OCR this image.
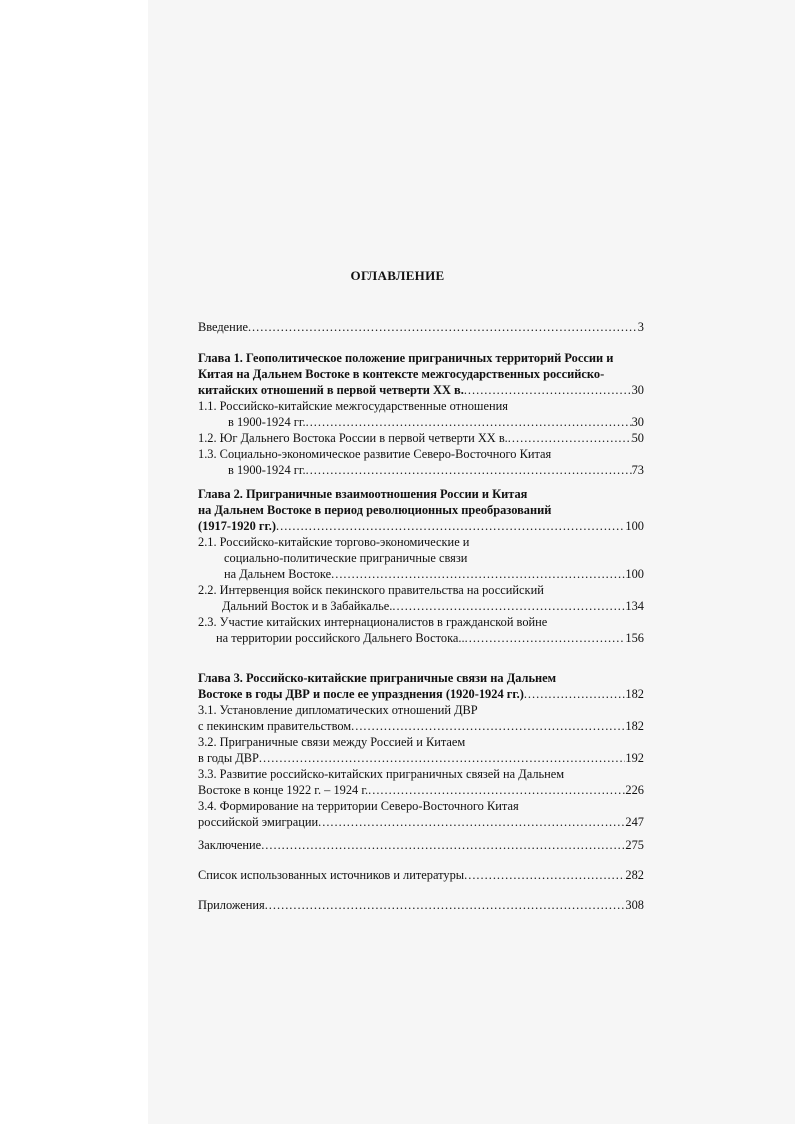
ОГЛАВЛЕНИЕ
Введение .....	3
Глава 1. Геополитическое положение приграничных территорий России и
Китая на Дальнем Востоке в контексте межгосударственных российско-
китайских отношений в первой четверти XX в. .....	30
1.1. Российско-китайские межгосударственные отношения
в 1900-1924 гг. .....	30
1.2. Юг Дальнего Востока России в первой четверти XX в. .....	50
1.3. Социально-экономическое развитие Северо-Восточного Китая
в 1900-1924 гг. .....	73
Глава 2. Приграничные взаимоотношения России и Китая
на Дальнем Востоке в период революционных преобразований
(1917-1920 гг.) .....	100
2.1. Российско-китайские торгово-экономические и
социально-политические приграничные связи
на Дальнем Востоке .....	100
2.2. Интервенция войск пекинского правительства на российский
Дальний Восток и в Забайкалье. .....	134
2.3. Участие китайских интернационалистов в гражданской войне
на территории российского Дальнего Востока.. .....	156
Глава 3. Российско-китайские приграничные связи на Дальнем
Востоке в годы ДВР и после ее упразднения (1920-1924 гг.) .....	182
3.1. Установление дипломатических отношений ДВР
с пекинским правительством .....	182
3.2. Приграничные связи между Россией и Китаем
в годы ДВР .....	192
3.3. Развитие российско-китайских приграничных связей на Дальнем
Востоке в конце 1922 г. – 1924 г. .....	226
3.4. Формирование на территории Северо-Восточного Китая
российской эмиграции .....	247
Заключение .....	275
Список использованных источников и литературы .....	282
Приложения .....	308
